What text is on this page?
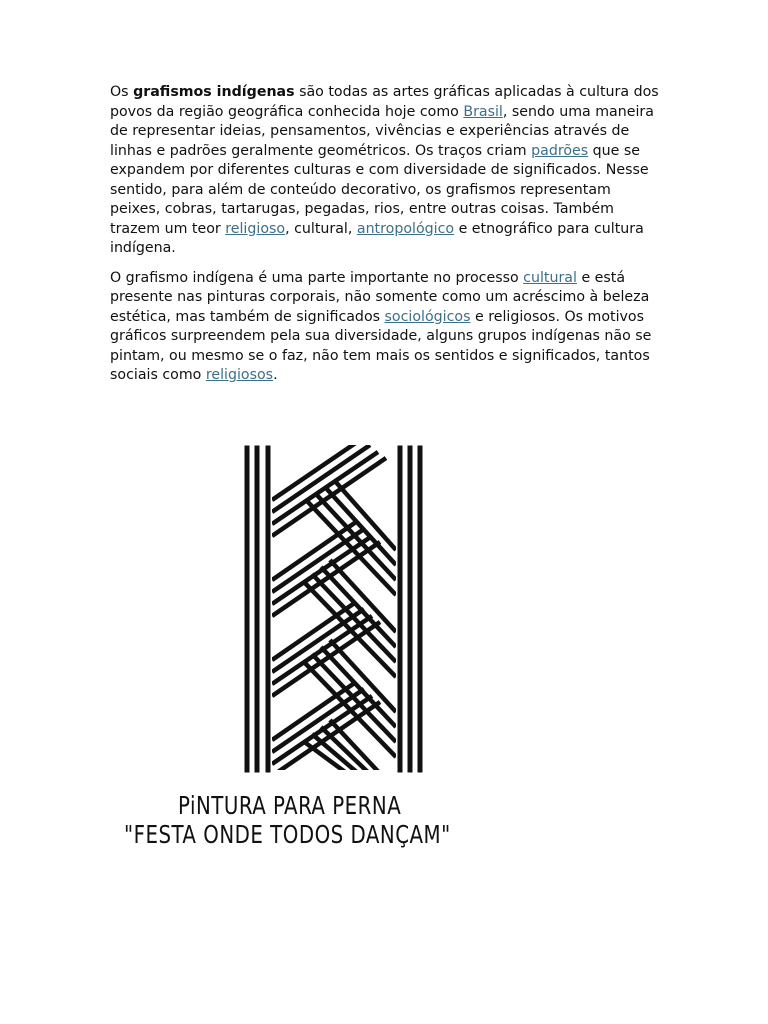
Os grafismos indígenas são todas as artes gráficas aplicadas à cultura dos povos da região geográfica conhecida hoje como Brasil, sendo uma maneira de representar ideias, pensamentos, vivências e experiências através de linhas e padrões geralmente geométricos. Os traços criam padrões que se expandem por diferentes culturas e com diversidade de significados. Nesse sentido, para além de conteúdo decorativo, os grafismos representam peixes, cobras, tartarugas, pegadas, rios, entre outras coisas. Também trazem um teor religioso, cultural, antropológico e etnográfico para cultura indígena.

O grafismo indígena é uma parte importante no processo cultural e está presente nas pinturas corporais, não somente como um acréscimo à beleza estética, mas também de significados sociológicos e religiosos. Os motivos gráficos surpreendem pela sua diversidade, alguns grupos indígenas não se pintam, ou mesmo se o faz, não tem mais os sentidos e significados, tantos sociais como religiosos.

PiNTURA PARA PERNA
"FESTA ONDE TODOS DANÇAM"
